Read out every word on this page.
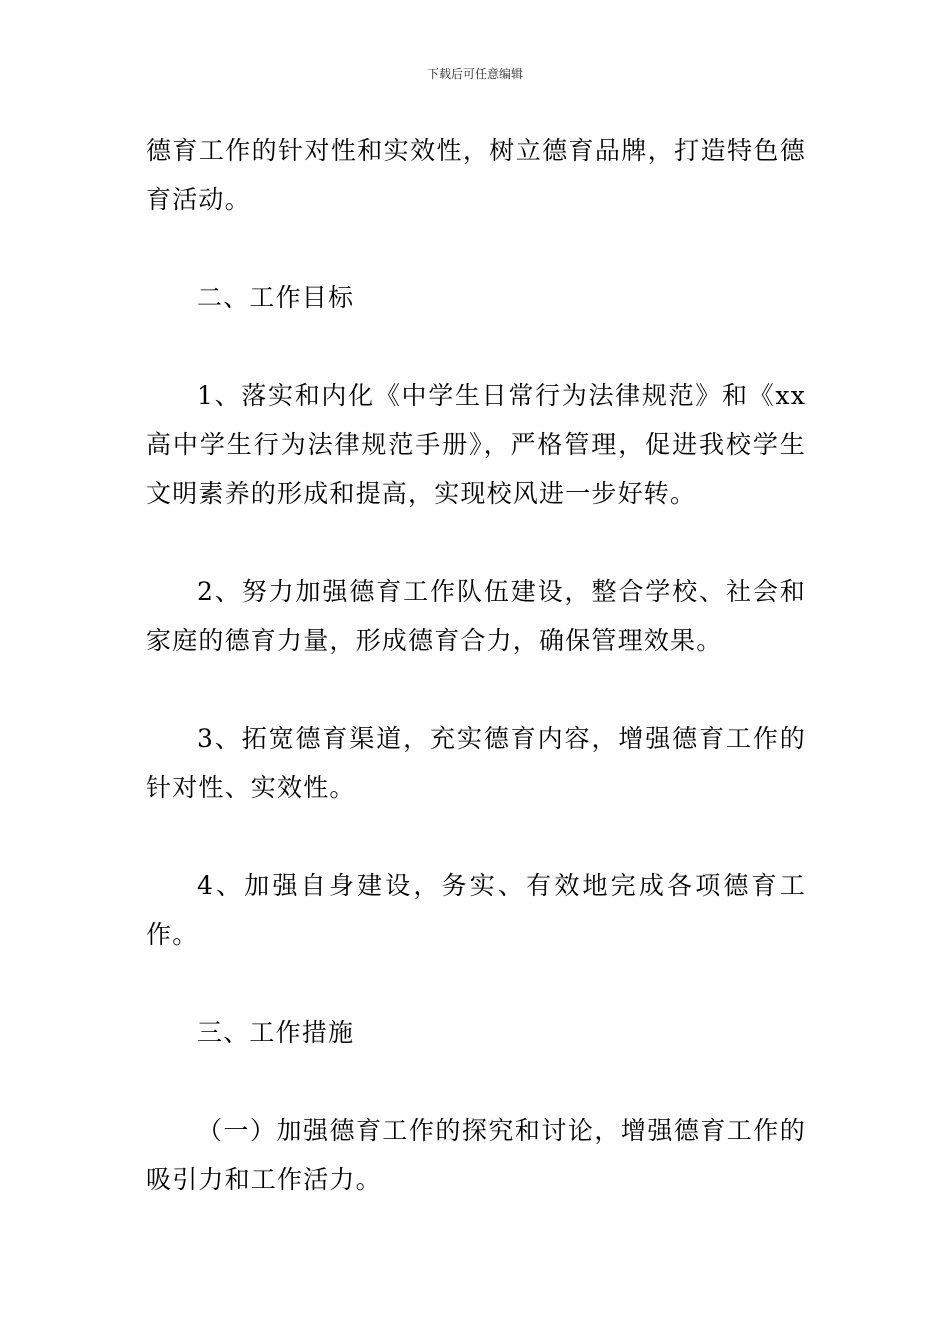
下载后可任意编辑

德育工作的针对性和实效性，树立德育品牌，打造特色德育活动。

二、工作目标

1、落实和内化《中学生日常行为法律规范》和《xx高中学生行为法律规范手册》，严格管理，促进我校学生文明素养的形成和提高，实现校风进一步好转。

2、努力加强德育工作队伍建设，整合学校、社会和家庭的德育力量，形成德育合力，确保管理效果。

3、拓宽德育渠道，充实德育内容，增强德育工作的针对性、实效性。

4、加强自身建设，务实、有效地完成各项德育工作。

三、工作措施

（一）加强德育工作的探究和讨论，增强德育工作的吸引力和工作活力。
